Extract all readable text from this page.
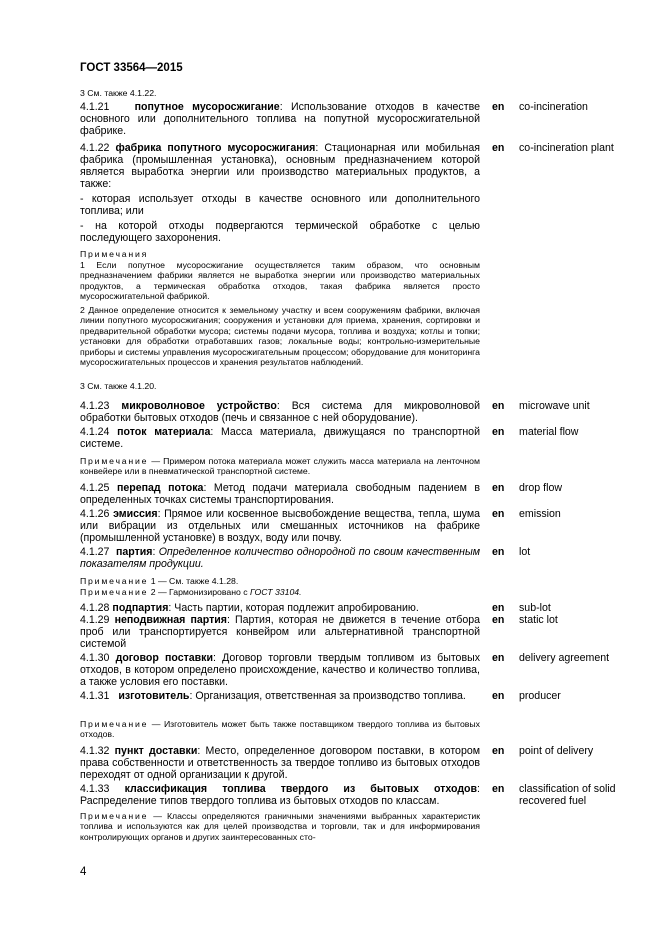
ГОСТ 33564—2015
3 См. также 4.1.22.
4.1.21 попутное мусоросжигание: Использование отходов в качестве основного или дополнительного топлива на попутной мусоросжигательной фабрике.
en co-incineration
4.1.22 фабрика попутного мусоросжигания: Стационарная или мобильная фабрика (промышленная установка), основным предназначением которой является выработка энергии или производство материальных продуктов, а также:
en co-incineration plant
- которая использует отходы в качестве основного или дополнительного топлива; или
- на которой отходы подвергаются термической обработке с целью последующего захоронения.
Примечания
1 Если попутное мусоросжигание осуществляется таким образом, что основным предназначением фабрики является не выработка энергии или производство материальных продуктов, а термическая обработка отходов, такая фабрика является просто мусоросжигательной фабрикой.
2 Данное определение относится к земельному участку и всем сооружениям фабрики, включая линии попутного мусоросжигания; сооружения и установки для приема, хранения, сортировки и предварительной обработки мусора; системы подачи мусора, топлива и воздуха; котлы и топки; установки для обработки отработавших газов; локальные воды; контрольно-измерительные приборы и системы управления мусоросжигательным процессом; оборудование для мониторинга мусоросжигательных процессов и хранения результатов наблюдений.
3 См. также 4.1.20.
4.1.23 микроволновое устройство: Вся система для микроволновой обработки бытовых отходов (печь и связанное с ней оборудование).
en microwave unit
4.1.24 поток материала: Масса материала, движущаяся по транспортной системе.
en material flow
Примечание — Примером потока материала может служить масса материала на ленточном конвейере или в пневматической транспортной системе.
4.1.25 перепад потока: Метод подачи материала свободным падением в определенных точках системы транспортирования.
en drop flow
4.1.26 эмиссия: Прямое или косвенное высвобождение вещества, тепла, шума или вибрации из отдельных или смешанных источников на фабрике (промышленной установке) в воздух, воду или почву.
en emission
4.1.27 партия: Определенное количество однородной по своим качественным показателям продукции.
en lot
Примечание 1 — См. также 4.1.28.
Примечание 2 — Гармонизировано с ГОСТ 33104.
4.1.28 подпартия: Часть партии, которая подлежит апробированию.	en sub-lot
4.1.29 неподвижная партия: Партия, которая не движется в течение отбора проб или транспортируется конвейром или альтернативной транспортной системой
en static lot
4.1.30 договор поставки: Договор торговли твердым топливом из бытовых отходов, в котором определено происхождение, качество и количество топлива, а также условия его поставки.
en delivery agreement
4.1.31 изготовитель: Организация, ответственная за производство топлива.	en producer
Примечание — Изготовитель может быть также поставщиком твердого топлива из бытовых отходов.
4.1.32 пункт доставки: Место, определенное договором поставки, в котором права собственности и ответственность за твердое топливо из бытовых отходов переходят от одной организации к другой.
en point of delivery
4.1.33 классификация топлива твердого из бытовых отходов: Распределение типов твердого топлива из бытовых отходов по классам.
en classification of solid recovered fuel
Примечание — Классы определяются граничными значениями выбранных характеристик топлива и используются как для целей производства и торговли, так и для информирования контролирующих органов и других заинтересованных сто-
4
